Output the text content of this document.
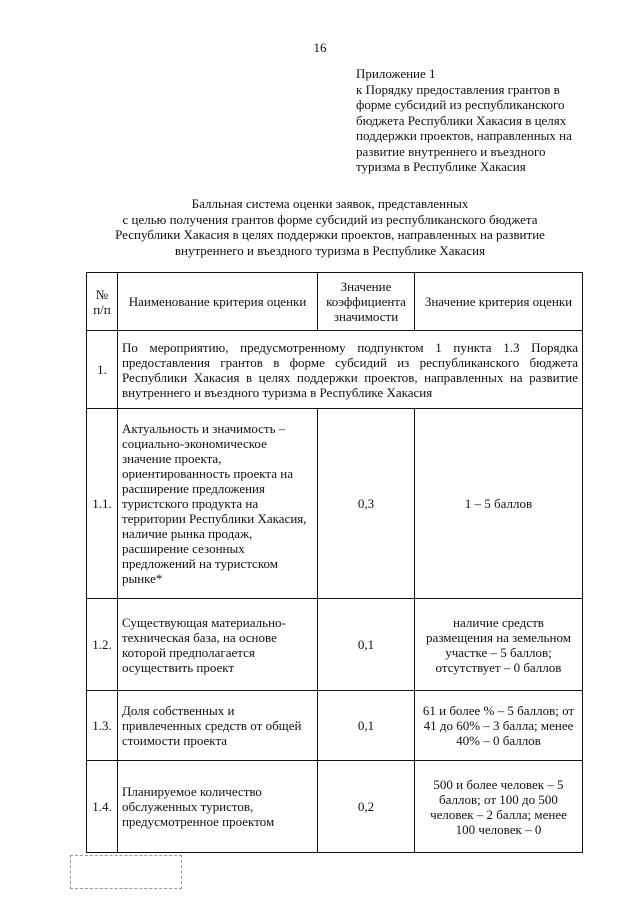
16
Приложение 1
к Порядку предоставления грантов в
форме субсидий из республиканского
бюджета Республики Хакасия в целях
поддержки проектов, направленных на
развитие внутреннего и въездного
туризма в Республике Хакасия
Балльная система оценки заявок, представленных
с целью получения грантов форме субсидий из республиканского бюджета
Республики Хакасия в целях поддержки проектов, направленных на развитие
внутреннего и въездного туризма в Республике Хакасия
№ п/п	Наименование критерия оценки	Значение коэффициента значимости	Значение критерия оценки
1.	По мероприятию, предусмотренному подпунктом 1 пункта 1.3 Порядка предоставления грантов в форме субсидий из республиканского бюджета Республики Хакасия в целях поддержки проектов, направленных на развитие внутреннего и въездного туризма в Республике Хакасия		
1.1.	Актуальность и значимость – социально-экономическое значение проекта, ориентированность проекта на расширение предложения туристского продукта на территории Республики Хакасия, наличие рынка продаж, расширение сезонных предложений на туристском рынке*	0,3	1 – 5 баллов
1.2.	Существующая материально-техническая база, на основе которой предполагается осуществить проект	0,1	наличие средств размещения на земельном участке – 5 баллов; отсутствует – 0 баллов
1.3.	Доля собственных и привлеченных средств от общей стоимости проекта	0,1	61 и более % – 5 баллов; от 41 до 60% – 3 балла; менее 40% – 0 баллов
1.4.	Планируемое количество обслуженных туристов, предусмотренное проектом	0,2	500 и более человек – 5 баллов; от 100 до 500 человек – 2 балла; менее 100 человек – 0
